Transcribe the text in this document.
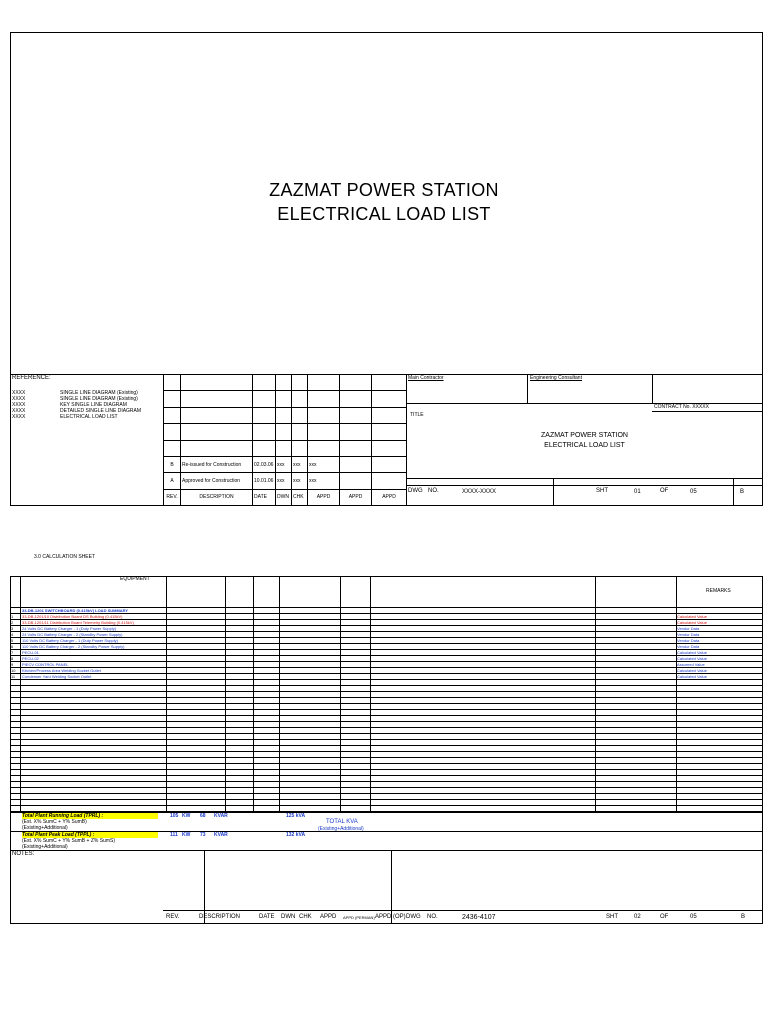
ZAZMAT POWER STATION
ELECTRICAL LOAD LIST
REFERENCE:
XXXX	SINGLE LINE DIAGRAM (Existing)
XXXX	SINGLE LINE DIAGRAM (Existing)
XXXX	KEY SINGLE LINE DIAGRAM
XXXX	DETAILED SINGLE LINE DIAGRAM
XXXX	ELECTRICAL LOAD LIST

B	Re-issued for Construction	02.03.06	xxx	xxx	xxx		
A	Approved for Construction	10.01.06	xxx	xxx	xxx		
REV.	DESCRIPTION	DATE	DWN	CHK	APPD	APPD	APPD
Main Contractor	Engineering Consultant
CONTRACT No. XXXXX
TITLE
ZAZMAT POWER STATION
ELECTRICAL LOAD LIST
DWG NO.	XXXX-XXXX	SHT	01	OF	05	B
3.0 CALCULATION SHEET
EQUIPMENT
REMARKS
33-DB-1201 SWITCHBOARD (0.415kV) LOAD SUMMARY
1 33-DB-1201/10 Distribution Board DS Building (0.415kV)	Calculated Value
2 33-DB-1201/11 Distribution Board Telemetry Building (0.415kV)	Calculated Value
3 24 Volts DC Battery Charger - 1 (Duty Power Supply)	Vendor Data
4 24 Volts DC Battery Charger - 2 (Standby Power Supply)	Vendor Data
5 110 Volts DC Battery Charger - 1 (Duty Power Supply)	Vendor Data
6 110 Volts DC Battery Charger - 2 (Standby Power Supply)	Vendor Data
7 PECU-01	Calculated Value
8 PECU-02	Calculated Value
9 PIECV CONTROL PANEL	Assumed Value
10 Kitchen/Process Area Welding Socket Outlet	Calculated Value
11 Condenser Yard Welding Socket Outlet	Calculated Value
Total Plant Running Load (TPRL) :
(Est. X% SumC + Y% SumB)
(Existing+Additional)
105 KW 68 KVAR	125 kVA
Total Plant Peak Load (TPPL) :
(Est. X% SumC + Y% SumB + Z% SumS)
(Existing+Additional)
111 KW 73 KVAR	132 kVA
TOTAL KVA
(Existing+Additional)
NOTES:
REV.	DESCRIPTION	DATE DWN CHK APPD APPD (PERMAN) APPD (OP) DWG NO.	2436-4107	SHT	02	OF	05	B
